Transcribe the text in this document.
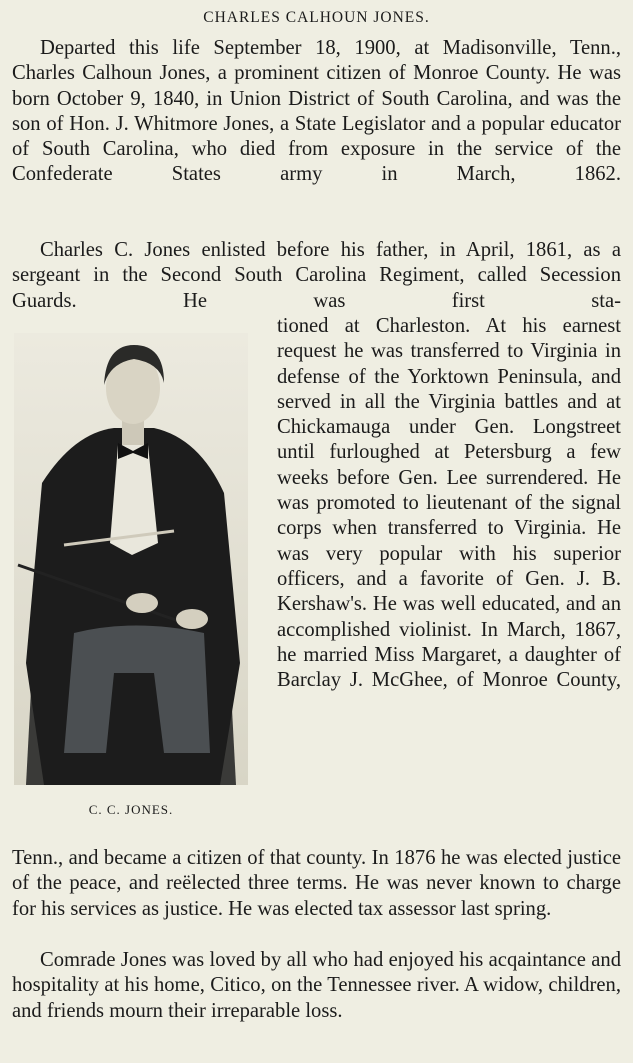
CHARLES CALHOUN JONES.

Departed this life September 18, 1900, at Madisonville, Tenn., Charles Calhoun Jones, a prominent citizen of Monroe County. He was born October 9, 1840, in Union District of South Carolina, and was the son of Hon. J. Whitmore Jones, a State Legislator and a popular educator of South Carolina, who died from exposure in the service of the Confederate States army in March, 1862.

Charles C. Jones enlisted before his father, in April, 1861, as a sergeant in the Second South Carolina Regiment, called Secession Guards. He was first sta-

tioned at Charleston. At his earnest request he was transferred to Virginia in defense of the Yorktown Peninsula, and served in all the Virginia battles and at Chickamauga under Gen. Longstreet until furloughed at Petersburg a few weeks before Gen. Lee surrendered. He was promoted to lieutenant of the signal corps when transferred to Virginia. He was very popular with his superior officers, and a favorite of Gen. J. B. Kershaw's. He was well educated, and an accomplished violinist. In March, 1867, he married Miss Margaret, a daughter of Barclay J. McGhee, of Monroe County,

C. C. JONES.

Tenn., and became a citizen of that county. In 1876 he was elected justice of the peace, and reëlected three terms. He was never known to charge for his services as justice. He was elected tax assessor last spring.

Comrade Jones was loved by all who had enjoyed his acqaintance and hospitality at his home, Citico, on the Tennessee river. A widow, children, and friends mourn their irreparable loss.
